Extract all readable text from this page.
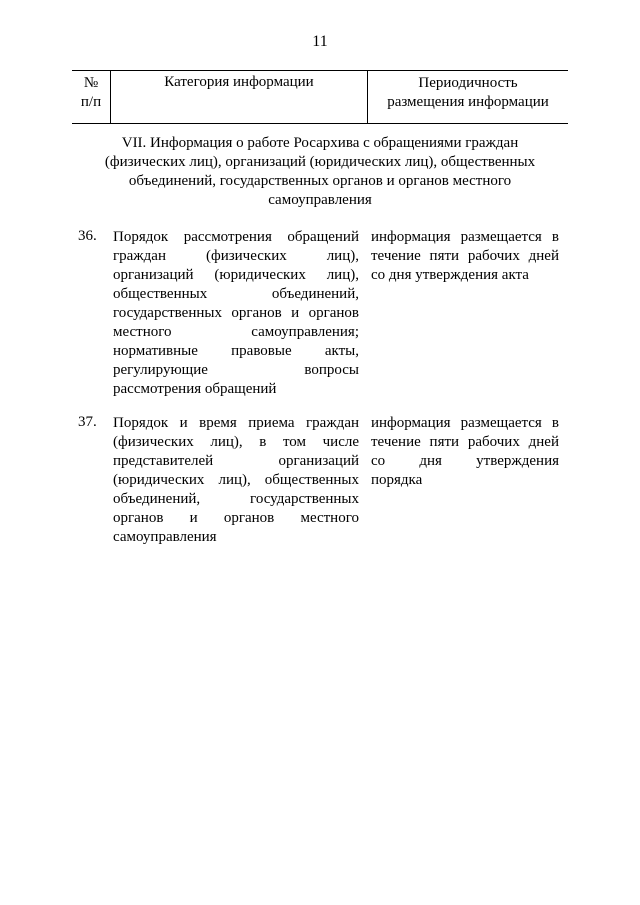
11
№
п/п
Категория информации	Периодичность
размещения информации
VII. Информация о работе Росархива с обращениями граждан
(физических лиц), организаций (юридических лиц), общественных
объединений, государственных органов и органов местного
самоуправления
36. Порядок рассмотрения обращений
граждан (физических лиц),
организаций (юридических лиц),
общественных объединений,
государственных органов и органов
местного самоуправления;
нормативные правовые акты,
регулирующие вопросы
рассмотрения обращений
информация размещается в
течение пяти рабочих дней
со дня утверждения акта
37. Порядок и время приема граждан
(физических лиц), в том числе
представителей организаций
(юридических лиц), общественных
объединений, государственных
органов и органов местного
самоуправления
информация размещается в
течение пяти рабочих дней
со дня утверждения
порядка
